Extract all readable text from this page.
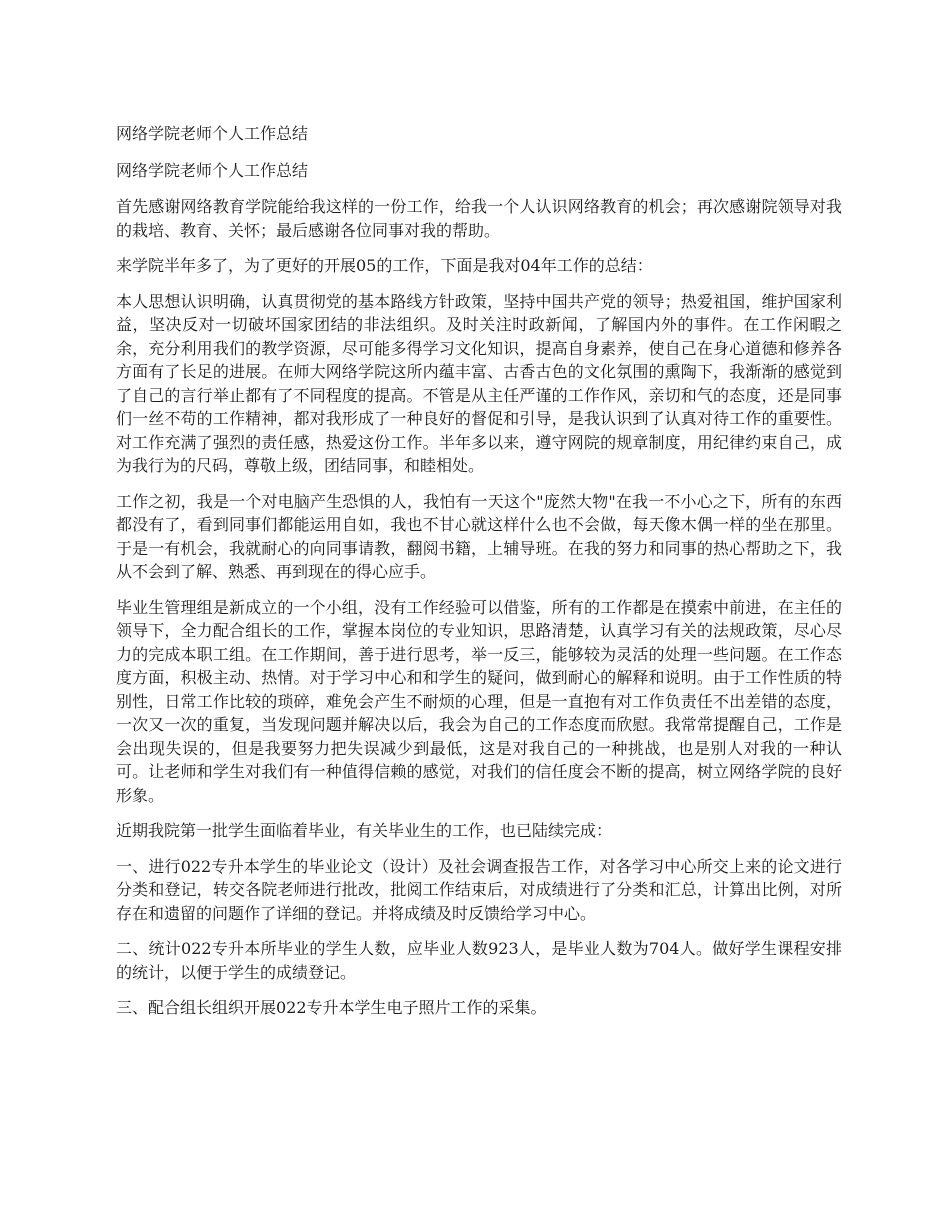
网络学院老师个人工作总结

网络学院老师个人工作总结

首先感谢网络教育学院能给我这样的一份工作，给我一个人认识网络教育的机会；再次感谢院领导对我的栽培、教育、关怀；最后感谢各位同事对我的帮助。

来学院半年多了，为了更好的开展05的工作，下面是我对04年工作的总结：

本人思想认识明确，认真贯彻党的基本路线方针政策，坚持中国共产党的领导；热爱祖国，维护国家利益，坚决反对一切破坏国家团结的非法组织。及时关注时政新闻，了解国内外的事件。在工作闲暇之余，充分利用我们的教学资源，尽可能多得学习文化知识，提高自身素养，使自己在身心道德和修养各方面有了长足的进展。在师大网络学院这所内蕴丰富、古香古色的文化氛围的熏陶下，我渐渐的感觉到了自己的言行举止都有了不同程度的提高。不管是从主任严谨的工作作风，亲切和气的态度，还是同事们一丝不苟的工作精神，都对我形成了一种良好的督促和引导，是我认识到了认真对待工作的重要性。对工作充满了强烈的责任感，热爱这份工作。半年多以来，遵守网院的规章制度，用纪律约束自己，成为我行为的尺码，尊敬上级，团结同事，和睦相处。

工作之初，我是一个对电脑产生恐惧的人，我怕有一天这个"庞然大物"在我一不小心之下，所有的东西都没有了，看到同事们都能运用自如，我也不甘心就这样什么也不会做，每天像木偶一样的坐在那里。于是一有机会，我就耐心的向同事请教，翻阅书籍，上辅导班。在我的努力和同事的热心帮助之下，我从不会到了解、熟悉、再到现在的得心应手。

毕业生管理组是新成立的一个小组，没有工作经验可以借鉴，所有的工作都是在摸索中前进，在主任的领导下，全力配合组长的工作，掌握本岗位的专业知识，思路清楚，认真学习有关的法规政策，尽心尽力的完成本职工组。在工作期间，善于进行思考，举一反三，能够较为灵活的处理一些问题。在工作态度方面，积极主动、热情。对于学习中心和和学生的疑问，做到耐心的解释和说明。由于工作性质的特别性，日常工作比较的琐碎，难免会产生不耐烦的心理，但是一直抱有对工作负责任不出差错的态度，一次又一次的重复，当发现问题并解决以后，我会为自己的工作态度而欣慰。我常常提醒自己，工作是会出现失误的，但是我要努力把失误减少到最低，这是对我自己的一种挑战，也是别人对我的一种认可。让老师和学生对我们有一种值得信赖的感觉，对我们的信任度会不断的提高，树立网络学院的良好形象。

近期我院第一批学生面临着毕业，有关毕业生的工作，也已陆续完成：

一、进行022专升本学生的毕业论文（设计）及社会调查报告工作，对各学习中心所交上来的论文进行分类和登记，转交各院老师进行批改，批阅工作结束后，对成绩进行了分类和汇总，计算出比例，对所存在和遗留的问题作了详细的登记。并将成绩及时反馈给学习中心。

二、统计022专升本所毕业的学生人数，应毕业人数923人，是毕业人数为704人。做好学生课程安排的统计，以便于学生的成绩登记。

三、配合组长组织开展022专升本学生电子照片工作的采集。
